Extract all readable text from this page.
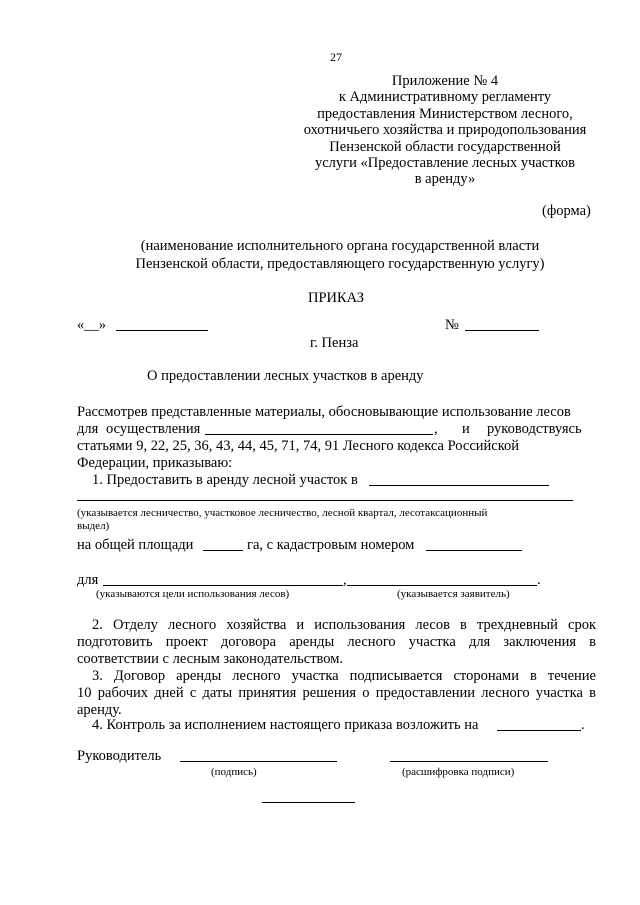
27
Приложение № 4
к Административному регламенту
предоставления Министерством лесного,
охотничьего хозяйства и природопользования
Пензенской области государственной
услуги «Предоставление лесных участков
в аренду»
(форма)
(наименование исполнительного органа государственной власти
Пензенской области, предоставляющего государственную услугу)
ПРИКАЗ
«__»	№
г. Пенза
О предоставлении лесных участков в аренду
Рассмотрев представленные материалы, обосновывающие использование лесов
для осуществления	, и руководствуясь
статьями 9, 22, 25, 36, 43, 44, 45, 71, 74, 91 Лесного кодекса Российской
Федерации, приказываю:
1. Предоставить в аренду лесной участок в
(указывается лесничество, участковое лесничество, лесной квартал, лесотаксационный
выдел)
на общей площади	га, с кадастровым номером
для	,	.
(указываются цели использования лесов)	(указывается заявитель)
2. Отделу лесного хозяйства и использования лесов в трехдневный срок
подготовить проект договора аренды лесного участка для заключения в
соответствии с лесным законодательством.
3. Договор аренды лесного участка подписывается сторонами в течение
10 рабочих дней с даты принятия решения о предоставлении лесного участка в
аренду.
4. Контроль за исполнением настоящего приказа возложить на	.
Руководитель
(подпись)	(расшифровка подписи)
